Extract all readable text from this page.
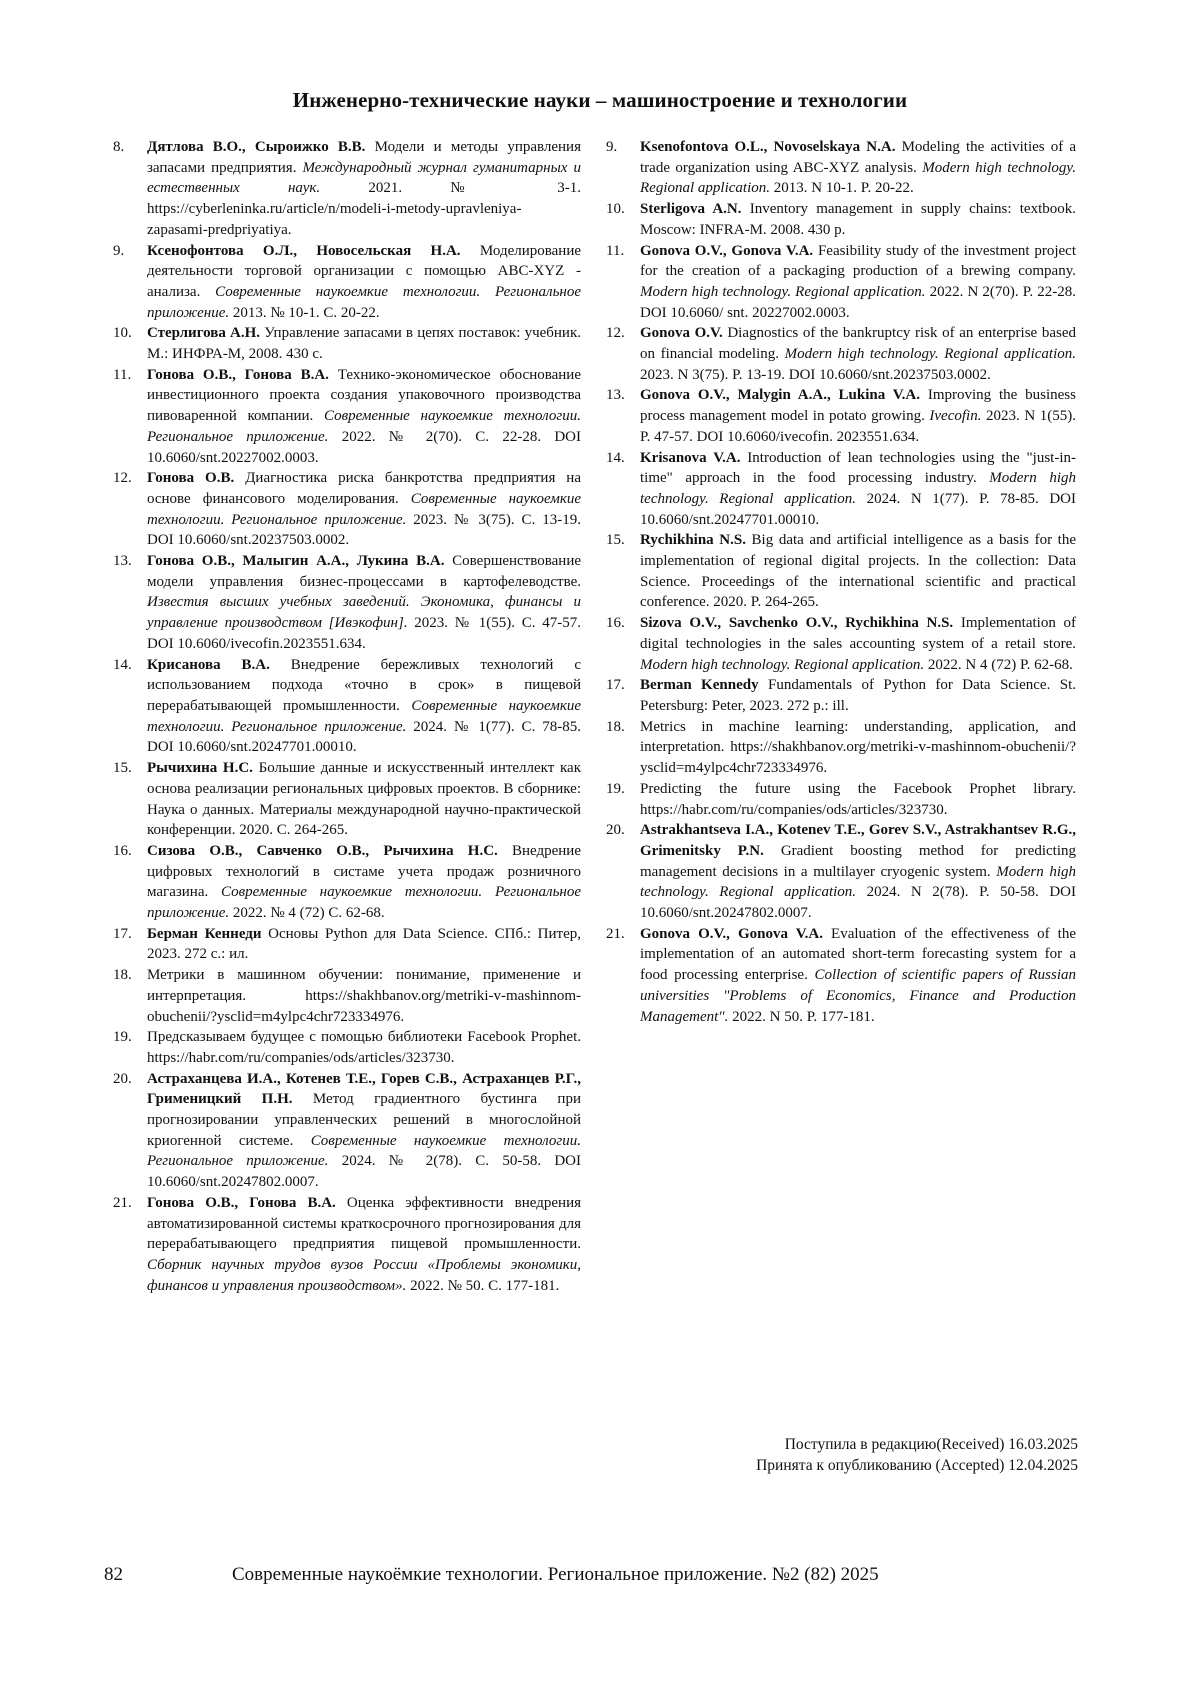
Инженерно-технические науки – машиностроение и технологии
8. Дятлова В.О., Сыроижко В.В. Модели и методы управления запасами предприятия. Международный журнал гуманитарных и естественных наук. 2021. № 3-1. https://cyberleninka.ru/article/n/modeli-i-metody-upravleniya-zapasami-predpriyatiya.
9. Ксенофонтова О.Л., Новосельская Н.А. Моделирование деятельности торговой организации с помощью ABC-XYZ - анализа. Современные наукоемкие технологии. Региональное приложение. 2013. № 10-1. С. 20-22.
10. Стерлигова А.Н. Управление запасами в цепях поставок: учебник. М.: ИНФРА-М, 2008. 430 с.
11. Гонова О.В., Гонова В.А. Технико-экономическое обоснование инвестиционного проекта создания упаковочного производства пивоваренной компании. Современные наукоемкие технологии. Региональное приложение. 2022. № 2(70). С. 22-28. DOI 10.6060/snt.20227002.0003.
12. Гонова О.В. Диагностика риска банкротства предприятия на основе финансового моделирования. Современные наукоемкие технологии. Региональное приложение. 2023. № 3(75). С. 13-19. DOI 10.6060/snt.20237503.0002.
13. Гонова О.В., Малыгин А.А., Лукина В.А. Совершенствование модели управления бизнес-процессами в картофелеводстве. Известия высших учебных заведений. Экономика, финансы и управление производством [Ивэкофин]. 2023. № 1(55). С. 47-57. DOI 10.6060/ivecofin.2023551.634.
14. Крисанова В.А. Внедрение бережливых технологий с использованием подхода «точно в срок» в пищевой перерабатывающей промышленности. Современные наукоемкие технологии. Региональное приложение. 2024. № 1(77). С. 78-85. DOI 10.6060/snt.20247701.00010.
15. Рычихина Н.С. Большие данные и искусственный интеллект как основа реализации региональных цифровых проектов. В сборнике: Наука о данных. Материалы международной научно-практической конференции. 2020. С. 264-265.
16. Сизова О.В., Савченко О.В., Рычихина Н.С. Внедрение цифровых технологий в систаме учета продаж розничного магазина. Современные наукоемкие технологии. Региональное приложение. 2022. № 4 (72) С. 62-68.
17. Берман Кеннеди Основы Python для Data Science. СПб.: Питер, 2023. 272 с.: ил.
18. Метрики в машинном обучении: понимание, применение и интерпретация. https://shakhbanov.org/metriki-v-mashinnom-obuchenii/?ysclid=m4ylpc4chr723334976.
19. Предсказываем будущее с помощью библиотеки Facebook Prophet. https://habr.com/ru/companies/ods/articles/323730.
20. Астраханцева И.А., Котенев Т.Е., Горев С.В., Астраханцев Р.Г., Грименицкий П.Н. Метод градиентного бустинга при прогнозировании управленческих решений в многослойной криогенной системе. Современные наукоемкие технологии. Региональное приложение. 2024. № 2(78). С. 50-58. DOI 10.6060/snt.20247802.0007.
21. Гонова О.В., Гонова В.А. Оценка эффективности внедрения автоматизированной системы краткосрочного прогнозирования для перерабатывающего предприятия пищевой промышленности. Сборник научных трудов вузов России «Проблемы экономики, финансов и управления производством». 2022. № 50. С. 177-181.
9. Ksenofontova O.L., Novoselskaya N.A. Modeling the activities of a trade organization using ABC-XYZ analysis. Modern high technology. Regional application. 2013. N 10-1. P. 20-22.
10. Sterligova A.N. Inventory management in supply chains: textbook. Moscow: INFRA-M. 2008. 430 p.
11. Gonova O.V., Gonova V.A. Feasibility study of the investment project for the creation of a packaging production of a brewing company. Modern high technology. Regional application. 2022. N 2(70). P. 22-28. DOI 10.6060/ snt. 20227002.0003.
12. Gonova O.V. Diagnostics of the bankruptcy risk of an enterprise based on financial modeling. Modern high technology. Regional application. 2023. N 3(75). P. 13-19. DOI 10.6060/snt.20237503.0002.
13. Gonova O.V., Malygin A.A., Lukina V.A. Improving the business process management model in potato growing. Ivecofin. 2023. N 1(55). P. 47-57. DOI 10.6060/ivecofin. 2023551.634.
14. Krisanova V.A. Introduction of lean technologies using the "just-in-time" approach in the food processing industry. Modern high technology. Regional application. 2024. N 1(77). P. 78-85. DOI 10.6060/snt.20247701.00010.
15. Rychikhina N.S. Big data and artificial intelligence as a basis for the implementation of regional digital projects. In the collection: Data Science. Proceedings of the international scientific and practical conference. 2020. P. 264-265.
16. Sizova O.V., Savchenko O.V., Rychikhina N.S. Implementation of digital technologies in the sales accounting system of a retail store. Modern high technology. Regional application. 2022. N 4 (72) P. 62-68.
17. Berman Kennedy Fundamentals of Python for Data Science. St. Petersburg: Peter, 2023. 272 p.: ill.
18. Metrics in machine learning: understanding, application, and interpretation. https://shakhbanov.org/metriki-v-mashinnom-obuchenii/?ysclid=m4ylpc4chr723334976.
19. Predicting the future using the Facebook Prophet library. https://habr.com/ru/companies/ods/articles/323730.
20. Astrakhantseva I.A., Kotenev T.E., Gorev S.V., Astrakhantsev R.G., Grimenitsky P.N. Gradient boosting method for predicting management decisions in a multilayer cryogenic system. Modern high technology. Regional application. 2024. N 2(78). P. 50-58. DOI 10.6060/snt.20247802.0007.
21. Gonova O.V., Gonova V.A. Evaluation of the effectiveness of the implementation of an automated short-term forecasting system for a food processing enterprise. Collection of scientific papers of Russian universities "Problems of Economics, Finance and Production Management". 2022. N 50. P. 177-181.
Поступила в редакцию(Received) 16.03.2025
Принята к опубликованию (Accepted) 12.04.2025
82	Современные наукоёмкие технологии. Региональное приложение. №2 (82) 2025
